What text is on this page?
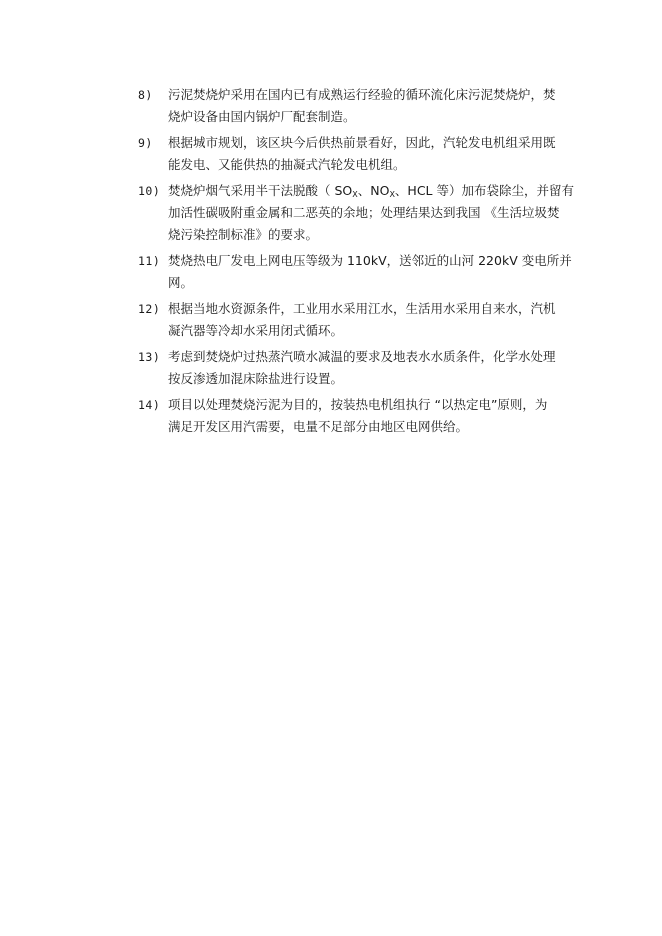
8)	污泥焚烧炉采用在国内已有成熟运行经验的循环流化床污泥焚烧炉，焚
烧炉设备由国内锅炉厂配套制造。
9)	根据城市规划，该区块今后供热前景看好，因此，汽轮发电机组采用既
能发电、又能供热的抽凝式汽轮发电机组。
10) 焚烧炉烟气采用半干法脱酸（ $SO_X$、$NO_X$、HCL 等）加布袋除尘，并留有
加活性碳吸附重金属和二恶英的余地；处理结果达到我国 《生活垃圾焚
烧污染控制标准》的要求。
11) 焚烧热电厂发电上网电压等级为 110kV，送邻近的山河 220kV 变电所并
网。
12) 根据当地水资源条件，工业用水采用江水，生活用水采用自来水，汽机
凝汽器等冷却水采用闭式循环。
13) 考虑到焚烧炉过热蒸汽喷水减温的要求及地表水水质条件，化学水处理
按反渗透加混床除盐进行设置。
14) 项目以处理焚烧污泥为目的，按装热电机组执行 “以热定电”原则，为
满足开发区用汽需要，电量不足部分由地区电网供给。
